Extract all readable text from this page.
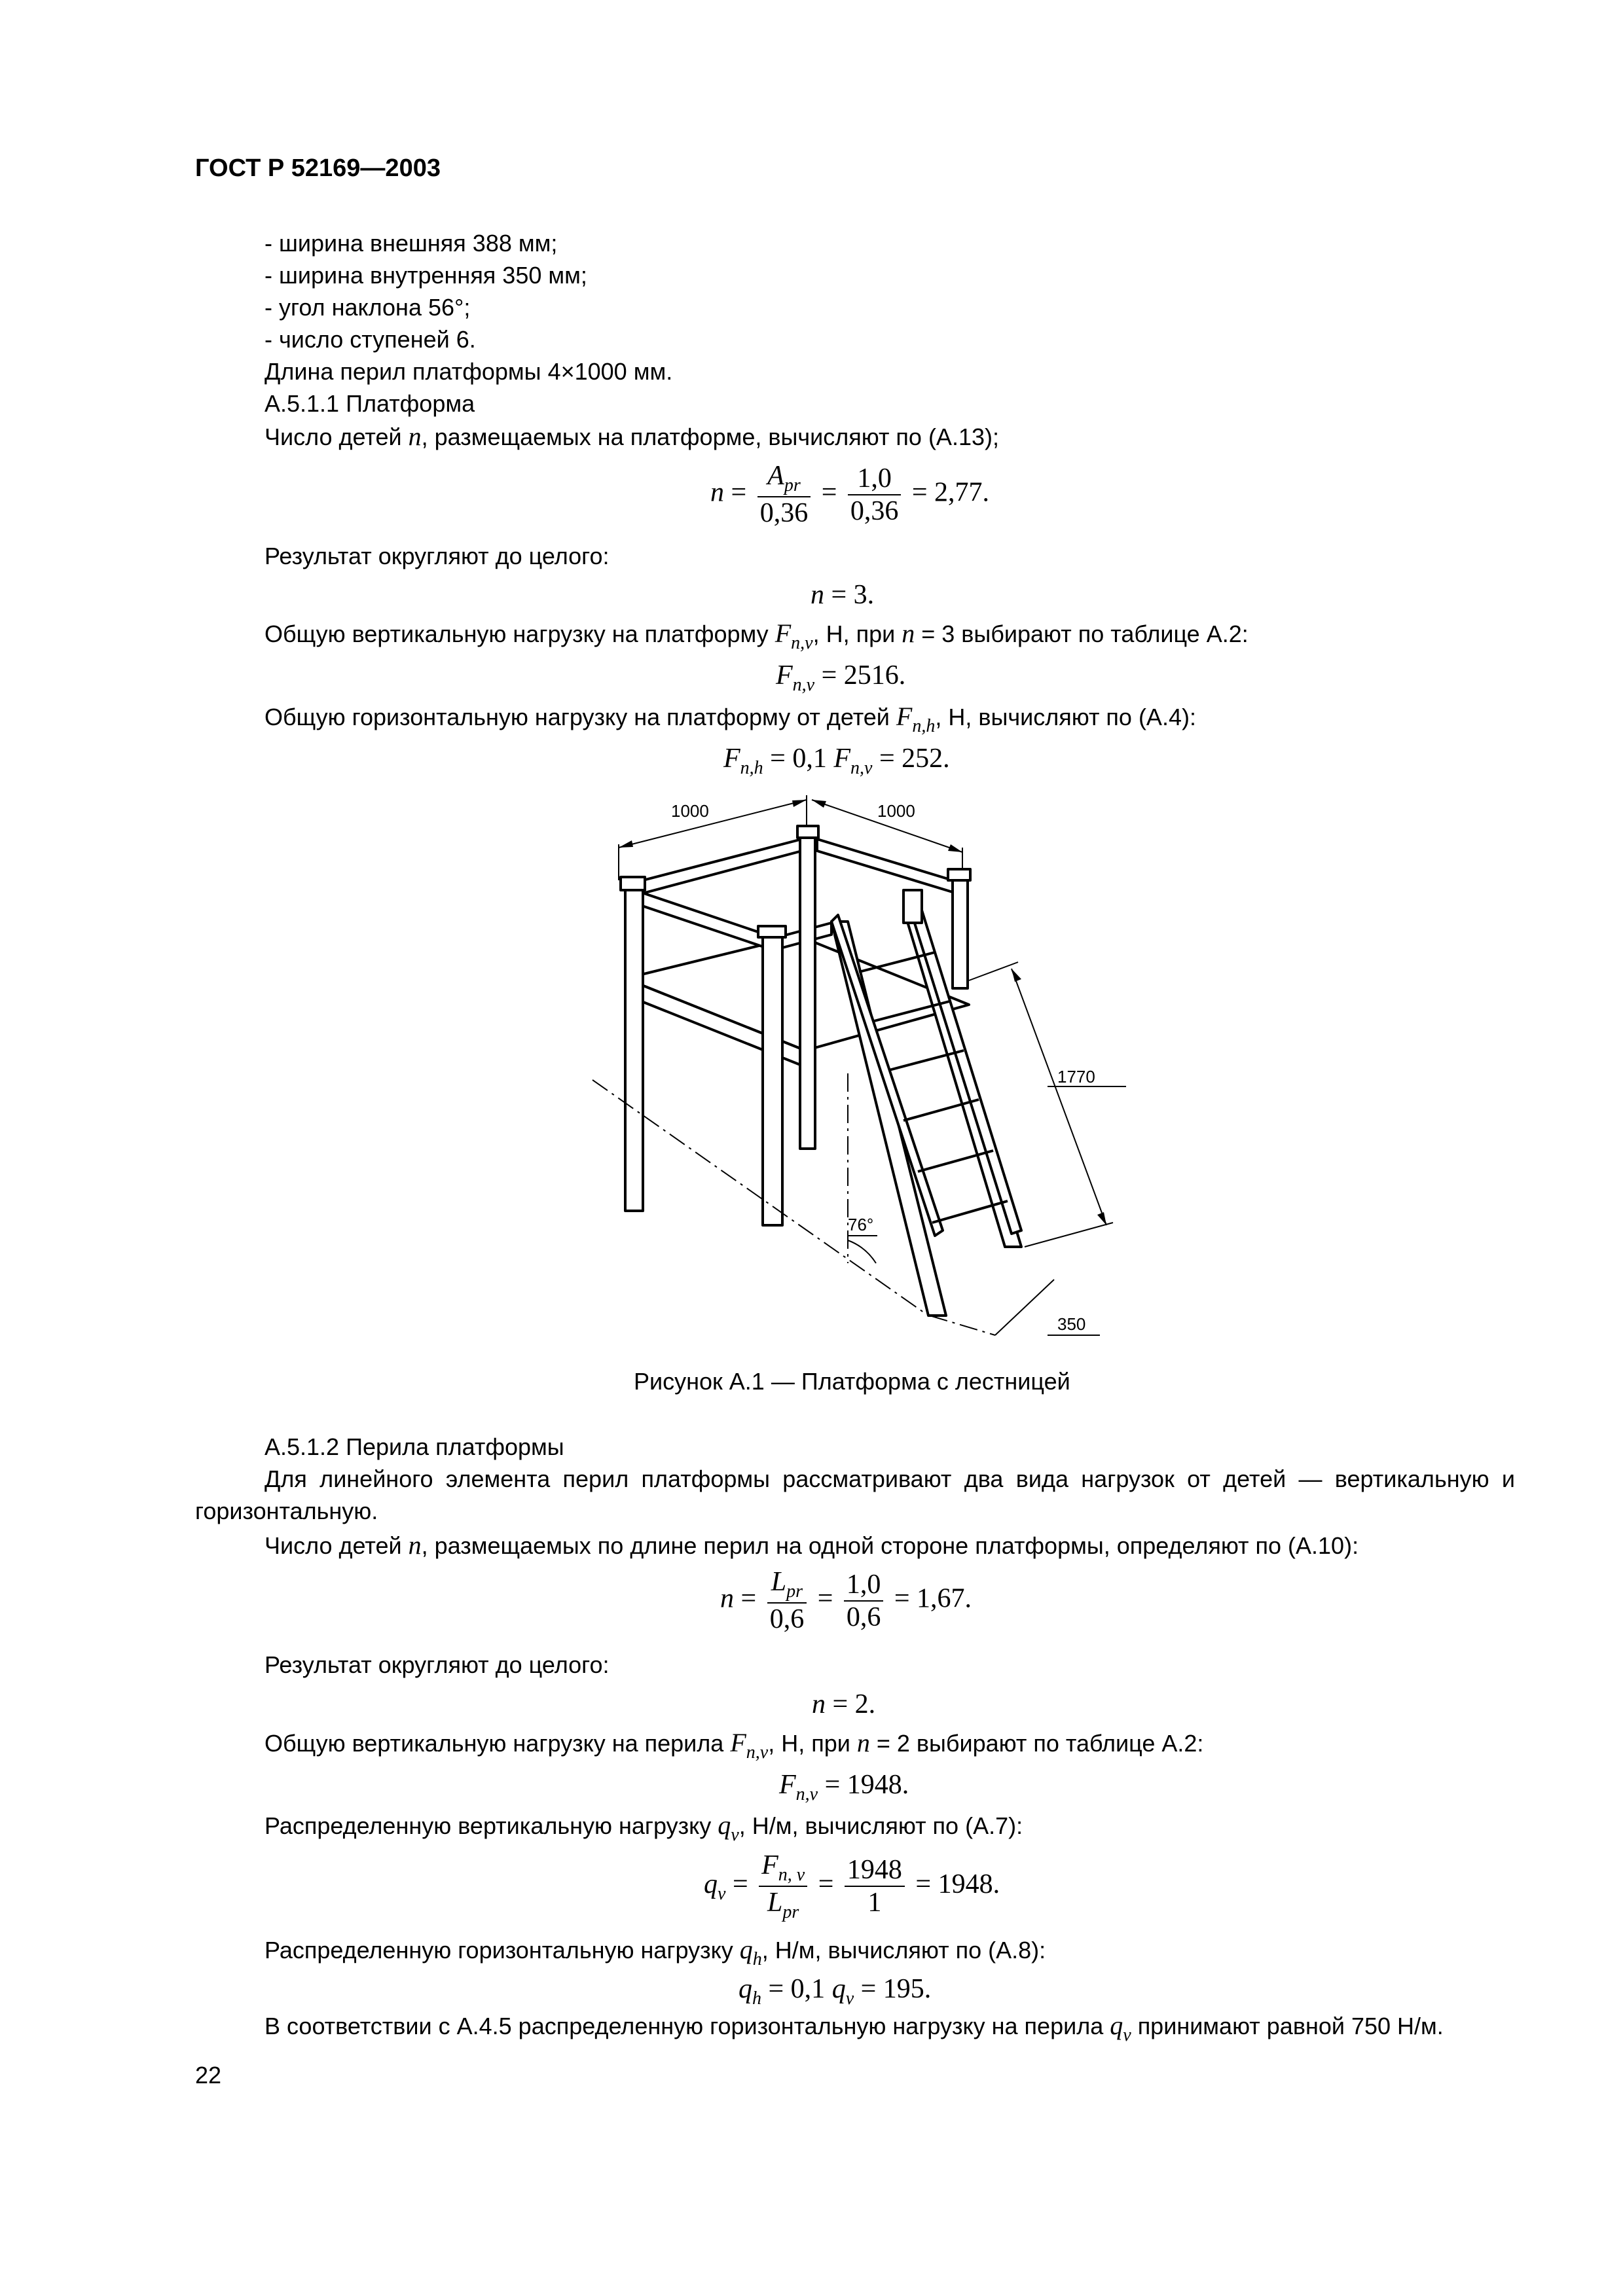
ГОСТ Р 52169—2003
- ширина внешняя 388 мм;
- ширина внутренняя 350 мм;
- угол наклона 56°;
- число ступеней 6.
Длина перил платформы 4×1000 мм.
А.5.1.1 Платформа
Число детей n, размещаемых на платформе, вычисляют по (А.13);
$n = \frac{A_{pr}}{0,36} = \frac{1,0}{0,36} = 2,77$.
Результат округляют до целого:
n = 3.
Общую вертикальную нагрузку на платформу $F_{n,v}$, Н, при n = 3 выбирают по таблице А.2:
$F_{n,v} = 2516$.
Общую горизонтальную нагрузку на платформу от детей $F_{n,h}$, Н, вычисляют по (А.4):
$F_{n,h} = 0,1$ $F_{n,v} = 252$.
1000	1000
1770
76°
350
Рисунок А.1 — Платформа с лестницей
А.5.1.2 Перила платформы
Для линейного элемента перил платформы рассматривают два вида нагрузок от детей — вертикальную и
горизонтальную.
Число детей n, размещаемых по длине перил на одной стороне платформы, определяют по (А.10):
$n = \frac{L_{pr}}{0,6} = \frac{1,0}{0,6} = 1,67$.
Результат округляют до целого:
n = 2.
Общую вертикальную нагрузку на перила $F_{n,v}$, Н, при n = 2 выбирают по таблице А.2:
$F_{n,v} = 1948$.
Распределенную вертикальную нагрузку $q_v$, Н/м, вычисляют по (А.7):
$q_v = \frac{F_{n, v}}{L_{pr}} = \frac{1948}{1} = 1948$.
Распределенную горизонтальную нагрузку $q_h$, Н/м, вычисляют по (А.8):
$q_h = 0,1$ $q_v = 195$.
В соответствии с А.4.5 распределенную горизонтальную нагрузку на перила $q_v$ принимают равной 750 Н/м.
22
